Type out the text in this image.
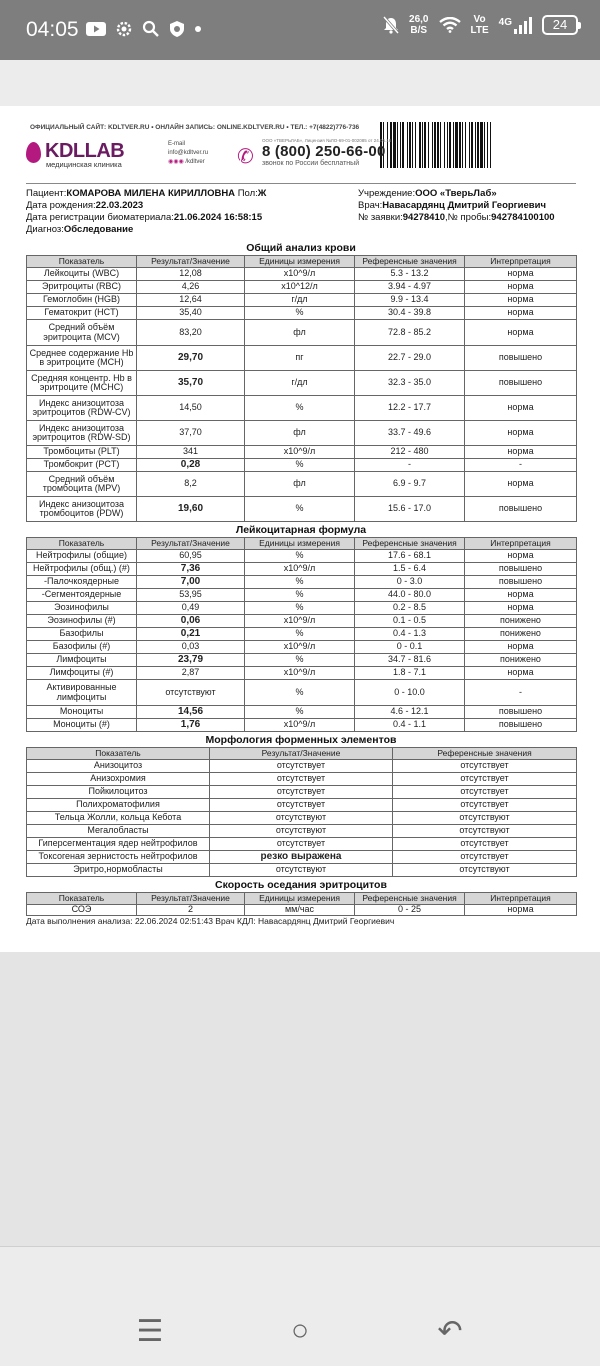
04:05	26,0
B/S
Vo
LTE
4G	24
ОФИЦИАЛЬНЫЙ САЙТ: KDLTVER.RU • ОНЛАЙН ЗАПИСЬ: ONLINE.KDLTVER.RU • ТЕЛ.: +7(4822)776-736
KDLLAB
медицинская клиника
E-mail
info@kdltver.ru
◉◉◉ /kdltver ✆
ООО «ТВЕРЬЛАБ», Лицензия №ЛО-69-01-002085 от 24.06.16
8 (800) 250-66-00
звонок по России бесплатный
Пациент:КОМАРОВА МИЛЕНА КИРИЛЛОВНА Пол:Ж
Дата рождения:22.03.2023
Дата регистрации биоматериала:21.06.2024 16:58:15
Диагноз:Обследование
Учреждение:ООО «ТверьЛаб»
Врач:Навасардянц Дмитрий Георгиевич
№ заявки:94278410,№ пробы:942784100100
Общий анализ крови
Показатель	Результат/Значение	Единицы измерения	Референсные значения	Интерпретация
Лейкоциты (WBC)	12,08	x10^9/л	5.3 - 13.2	норма
Эритроциты (RBC)	4,26	x10^12/л	3.94 - 4.97	норма
Гемоглобин (HGB)	12,64	г/дл	9.9 - 13.4	норма
Гематокрит (HCT)	35,40	%	30.4 - 39.8	норма
Средний объём эритроцита (MCV)	83,20	фл	72.8 - 85.2	норма
Среднее содержание Hb в эритроците (MCH)	29,70	пг	22.7 - 29.0	повышено
Средняя концентр. Hb в эритроците (MCHC)	35,70	г/дл	32.3 - 35.0	повышено
Индекс анизоцитоза эритроцитов (RDW-CV)	14,50	%	12.2 - 17.7	норма
Индекс анизоцитоза эритроцитов (RDW-SD)	37,70	фл	33.7 - 49.6	норма
Тромбоциты (PLT)	341	x10^9/л	212 - 480	норма
Тромбокрит (PCT)	0,28	%	-	-
Средний объём тромбоцита (MPV)	8,2	фл	6.9 - 9.7	норма
Индекс анизоцитоза тромбоцитов (PDW)	19,60	%	15.6 - 17.0	повышено
Лейкоцитарная формула
Показатель	Результат/Значение	Единицы измерения	Референсные значения	Интерпретация
Нейтрофилы (общие)	60,95	%	17.6 - 68.1	норма
Нейтрофилы (общ.) (#)	7,36	x10^9/л	1.5 - 6.4	повышено
-Палочкоядерные	7,00	%	0 - 3.0	повышено
-Сегментоядерные	53,95	%	44.0 - 80.0	норма
Эозинофилы	0,49	%	0.2 - 8.5	норма
Эозинофилы (#)	0,06	x10^9/л	0.1 - 0.5	понижено
Базофилы	0,21	%	0.4 - 1.3	понижено
Базофилы (#)	0,03	x10^9/л	0 - 0.1	норма
Лимфоциты	23,79	%	34.7 - 81.6	понижено
Лимфоциты (#)	2,87	x10^9/л	1.8 - 7.1	норма
Активированные лимфоциты	отсутствуют	%	0 - 10.0	-
Моноциты	14,56	%	4.6 - 12.1	повышено
Моноциты (#)	1,76	x10^9/л	0.4 - 1.1	повышено
Морфология форменных элементов
Показатель	Результат/Значение	Референсные значения
Анизоцитоз	отсутствует	отсутствует
Анизохромия	отсутствует	отсутствует
Пойкилоцитоз	отсутствует	отсутствует
Полихроматофилия	отсутствует	отсутствует
Тельца Жолли, кольца Кебота	отсутствуют	отсутствуют
Мегалобласты	отсутствуют	отсутствуют
Гиперсегментация ядер нейтрофилов	отсутствует	отсутствует
Токсогеная зернистость нейтрофилов	резко выражена	отсутствует
Эритро,нормобласты	отсутствуют	отсутствуют
Скорость оседания эритроцитов
Показатель	Результат/Значение	Единицы измерения	Референсные значения	Интерпретация
СОЭ	2	мм/час	0 - 25	норма
Дата выполнения анализа: 22.06.2024 02:51:43 Врач КДЛ: Навасардянц Дмитрий Георгиевич
☰	○	↶
